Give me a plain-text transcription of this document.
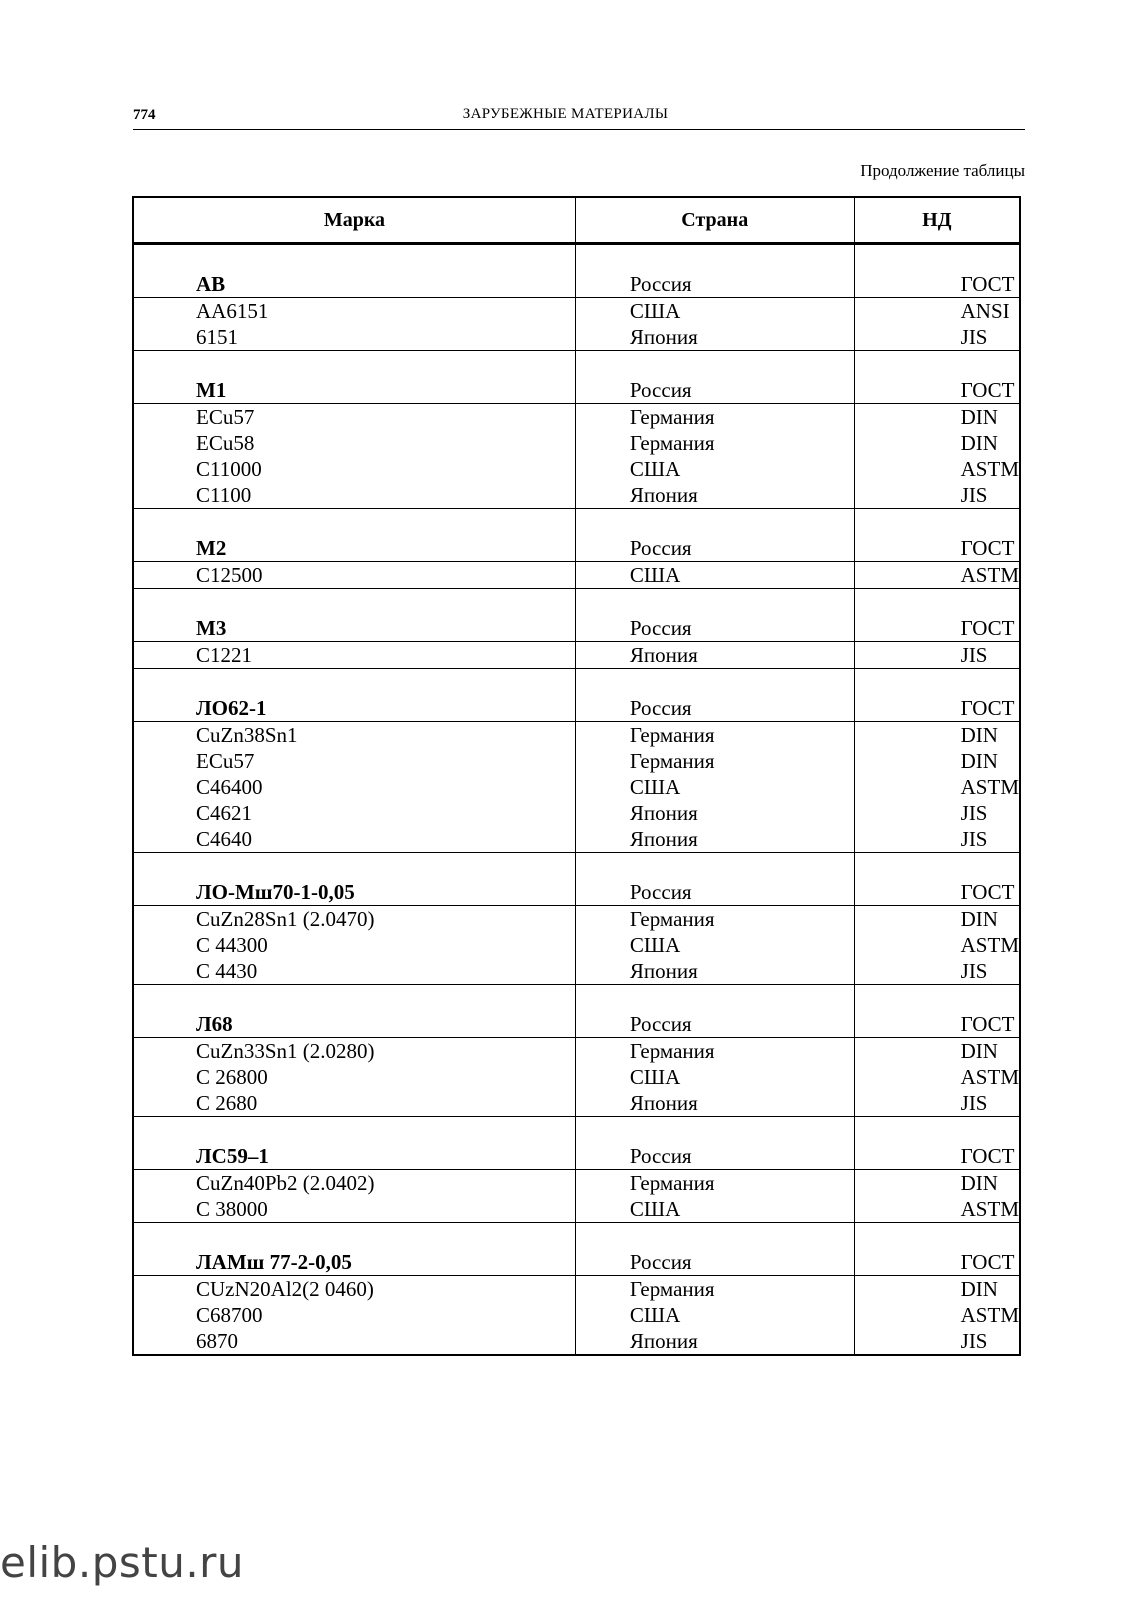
774	ЗАРУБЕЖНЫЕ МАТЕРИАЛЫ
Продолжение таблицы
Марка	Страна	НД
АВ	Россия	ГОСТ
АА6151	США	ANSI
6151	Япония	JIS
М1	Россия	ГОСТ
ECu57	Германия	DIN
ECu58	Германия	DIN
C11000	США	ASTM
C1100	Япония	JIS
М2	Россия	ГОСТ
C12500	США	ASTM
М3	Россия	ГОСТ
C1221	Япония	JIS
ЛО62-1	Россия	ГОСТ
CuZn38Sn1	Германия	DIN
ECu57	Германия	DIN
C46400	США	ASTM
C4621	Япония	JIS
C4640	Япония	JIS
ЛО-Мш70-1-0,05	Россия	ГОСТ
CuZn28Sn1 (2.0470)	Германия	DIN
C 44300	США	ASTM
C 4430	Япония	JIS
Л68	Россия	ГОСТ
CuZn33Sn1 (2.0280)	Германия	DIN
C 26800	США	ASTM
C 2680	Япония	JIS
ЛС59–1	Россия	ГОСТ
CuZn40Pb2 (2.0402)	Германия	DIN
C 38000	США	ASTM
ЛАМш 77-2-0,05	Россия	ГОСТ
CUzN20Al2(2 0460)	Германия	DIN
C68700	США	ASTM
6870	Япония	JIS
elib.pstu.ru
